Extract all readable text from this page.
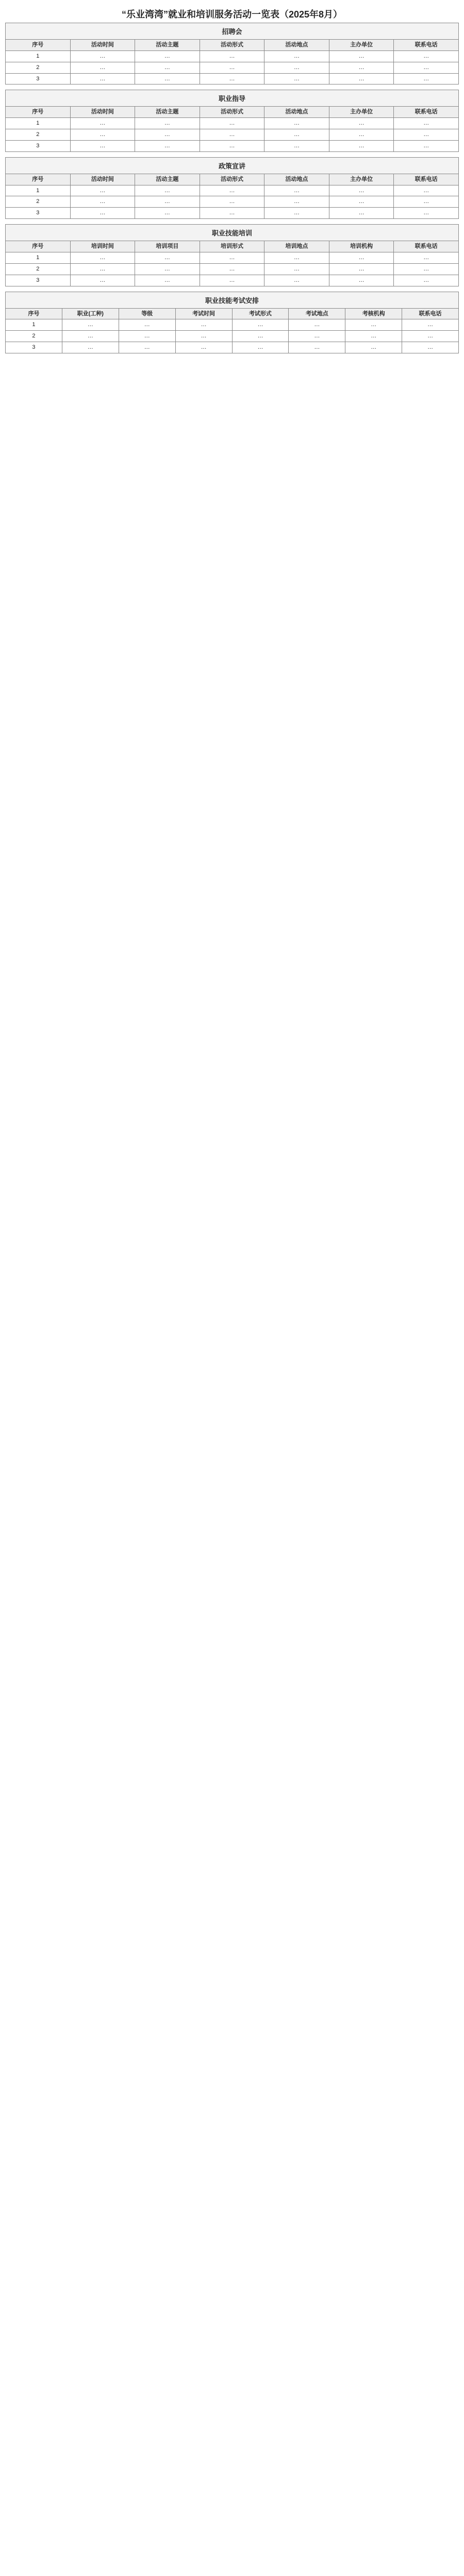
“乐业湾湾”就业和培训服务活动一览表（2025年8月）
招聘会
序号	活动时间	活动主题	活动形式	活动地点	主办单位	联系电话
1	…	…	…	…	…	…
2	…	…	…	…	…	…
3	…	…	…	…	…	…
职业指导
序号	活动时间	活动主题	活动形式	活动地点	主办单位	联系电话
1	…	…	…	…	…	…
2	…	…	…	…	…	…
3	…	…	…	…	…	…
政策宣讲
序号	活动时间	活动主题	活动形式	活动地点	主办单位	联系电话
1	…	…	…	…	…	…
2	…	…	…	…	…	…
3	…	…	…	…	…	…
职业技能培训
序号	培训时间	培训项目	培训形式	培训地点	培训机构	联系电话
1	…	…	…	…	…	…
2	…	…	…	…	…	…
3	…	…	…	…	…	…
职业技能考试安排
序号	职业(工种)	等级	考试时间	考试形式	考试地点	考核机构	联系电话
1	…	…	…	…	…	…	…
2	…	…	…	…	…	…	…
3	…	…	…	…	…	…	…
